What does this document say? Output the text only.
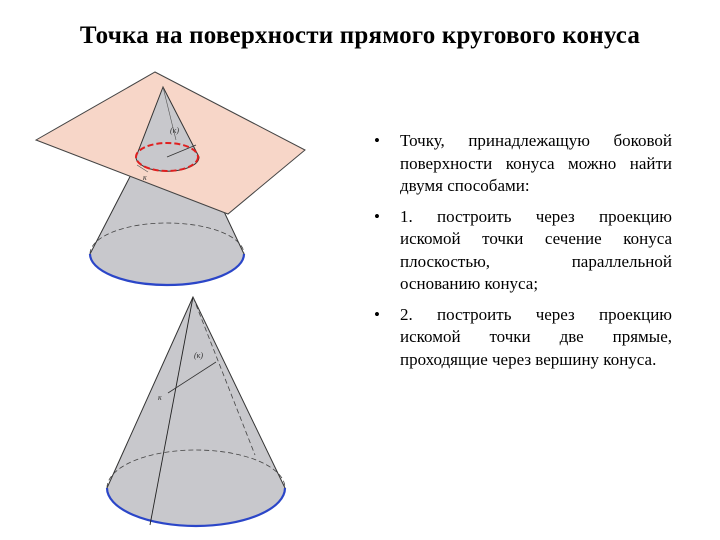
Точка на поверхности прямого кругового конуса
(к)
к
(к)
к
• Точку, принадлежащую боковой поверхности конуса можно найти двумя способами:
• 1. построить через проекцию искомой точки сечение конуса плоскостью, параллельной основанию конуса;
• 2. построить через проекцию искомой точки две прямые, проходящие через вершину конуса.
